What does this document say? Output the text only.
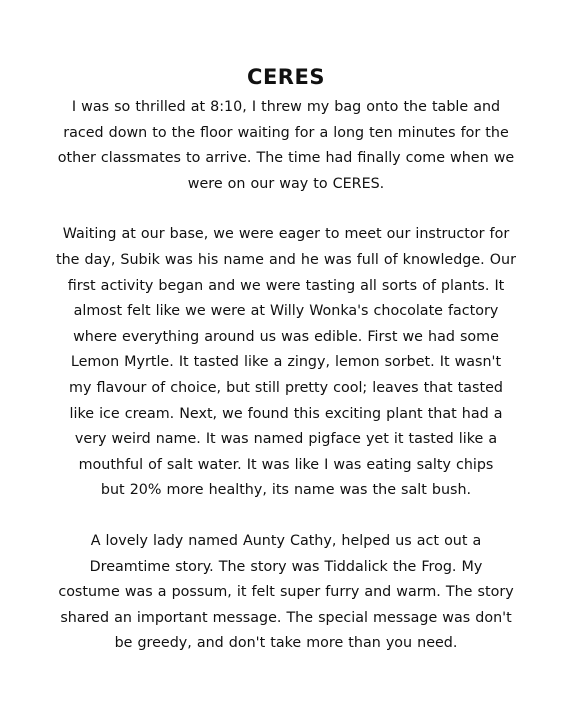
CERES

I was so thrilled at 8:10, I threw my bag onto the table and
raced down to the floor waiting for a long ten minutes for the
other classmates to arrive. The time had finally come when we
were on our way to CERES.

Waiting at our base, we were eager to meet our instructor for
the day, Subik was his name and he was full of knowledge. Our
first activity began and we were tasting all sorts of plants. It
almost felt like we were at Willy Wonka's chocolate factory
where everything around us was edible. First we had some
Lemon Myrtle. It tasted like a zingy, lemon sorbet. It wasn't
my flavour of choice, but still pretty cool; leaves that tasted
like ice cream. Next, we found this exciting plant that had a
very weird name. It was named pigface yet it tasted like a
mouthful of salt water. It was like I was eating salty chips
but 20% more healthy, its name was the salt bush.

A lovely lady named Aunty Cathy, helped us act out a
Dreamtime story. The story was Tiddalick the Frog. My
costume was a possum, it felt super furry and warm. The story
shared an important message. The special message was don't
be greedy, and don't take more than you need.
